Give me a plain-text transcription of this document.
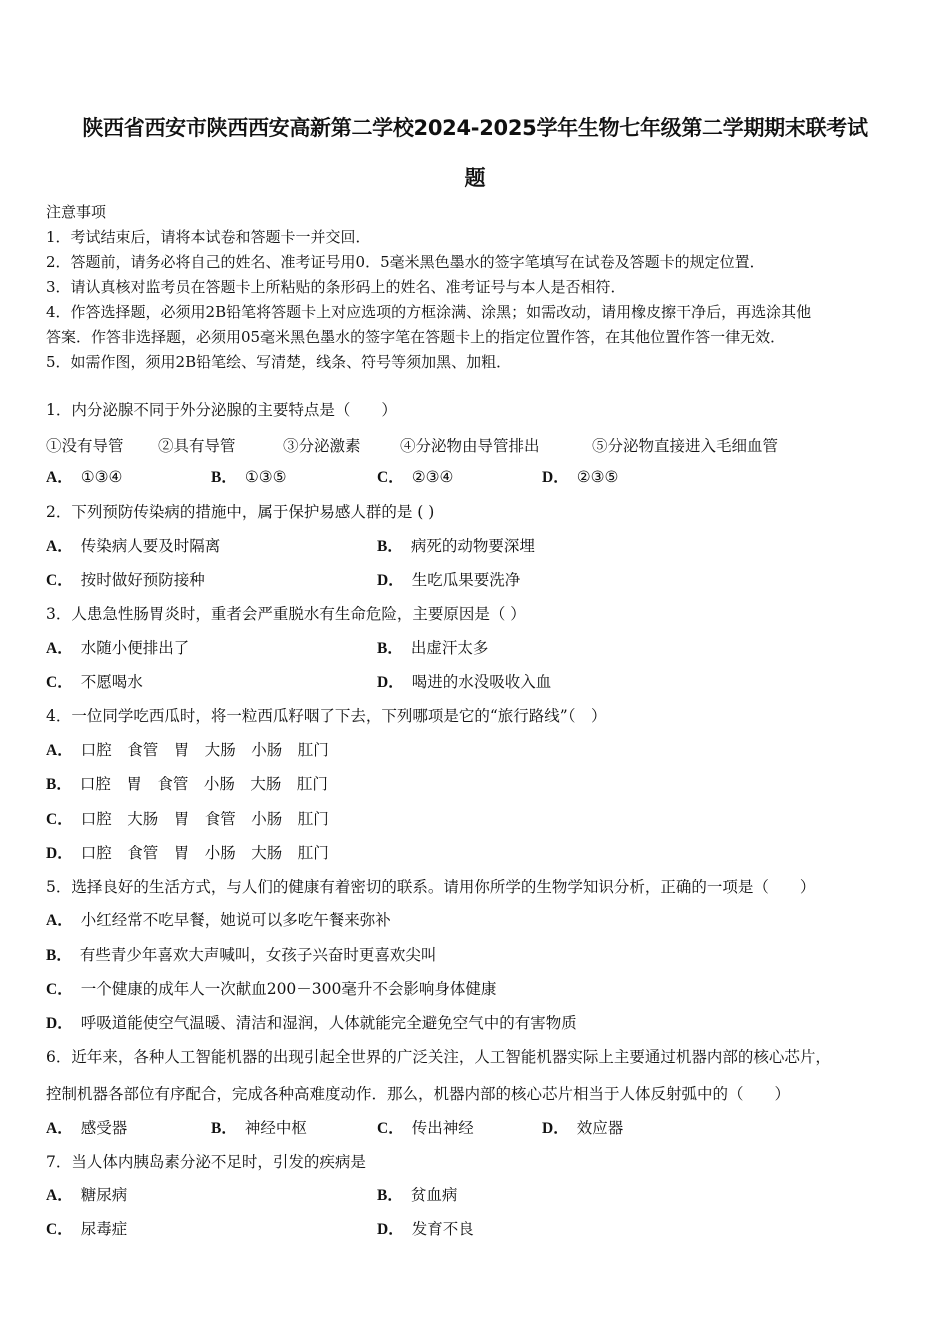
陕西省西安市陕西西安高新第二学校2024-2025学年生物七年级第二学期期末联考试
题
注意事项
1．考试结束后，请将本试卷和答题卡一并交回．
2．答题前，请务必将自己的姓名、准考证号用0．5毫米黑色墨水的签字笔填写在试卷及答题卡的规定位置．
3．请认真核对监考员在答题卡上所粘贴的条形码上的姓名、准考证号与本人是否相符．
4．作答选择题，必须用2B铅笔将答题卡上对应选项的方框涂满、涂黑；如需改动，请用橡皮擦干净后，再选涂其他
答案．作答非选择题，必须用05毫米黑色墨水的签字笔在答题卡上的指定位置作答，在其他位置作答一律无效．
5．如需作图，须用2B铅笔绘、写清楚，线条、符号等须加黑、加粗．
1．内分泌腺不同于外分泌腺的主要特点是（　　）
①没有导管 ②具有导管	③分泌激素	④分泌物由导管排出	⑤分泌物直接进入毛细血管
A． ①③④	B． ①③⑤	C． ②③④	D． ②③⑤
2．下列预防传染病的措施中，属于保护易感人群的是 ( )
A． 传染病人要及时隔离	B． 病死的动物要深埋
C． 按时做好预防接种	D． 生吃瓜果要洗净
3．人患急性肠胃炎时，重者会严重脱水有生命危险，主要原因是（ ）
A． 水随小便排出了	B． 出虚汗太多
C． 不愿喝水	D． 喝进的水没吸收入血
4．一位同学吃西瓜时，将一粒西瓜籽咽了下去，下列哪项是它的“旅行路线”（　）
A． 口腔　食管　胃　大肠　小肠　肛门
B． 口腔　胃　食管　小肠　大肠　肛门
C． 口腔　大肠　胃　食管　小肠　肛门
D． 口腔　食管　胃　小肠　大肠　肛门
5．选择良好的生活方式，与人们的健康有着密切的联系。请用你所学的生物学知识分析，正确的一项是（　　）
A． 小红经常不吃早餐，她说可以多吃午餐来弥补
B． 有些青少年喜欢大声喊叫，女孩子兴奋时更喜欢尖叫
C． 一个健康的成年人一次献血200－300毫升不会影响身体健康
D． 呼吸道能使空气温暖、清洁和湿润，人体就能完全避免空气中的有害物质
6．近年来，各种人工智能机器的出现引起全世界的广泛关注，人工智能机器实际上主要通过机器内部的核心芯片，
控制机器各部位有序配合，完成各种高难度动作．那么，机器内部的核心芯片相当于人体反射弧中的（　　）
A． 感受器	B． 神经中枢	C． 传出神经	D． 效应器
7．当人体内胰岛素分泌不足时，引发的疾病是
A． 糖尿病	B． 贫血病
C． 尿毒症	D． 发育不良
